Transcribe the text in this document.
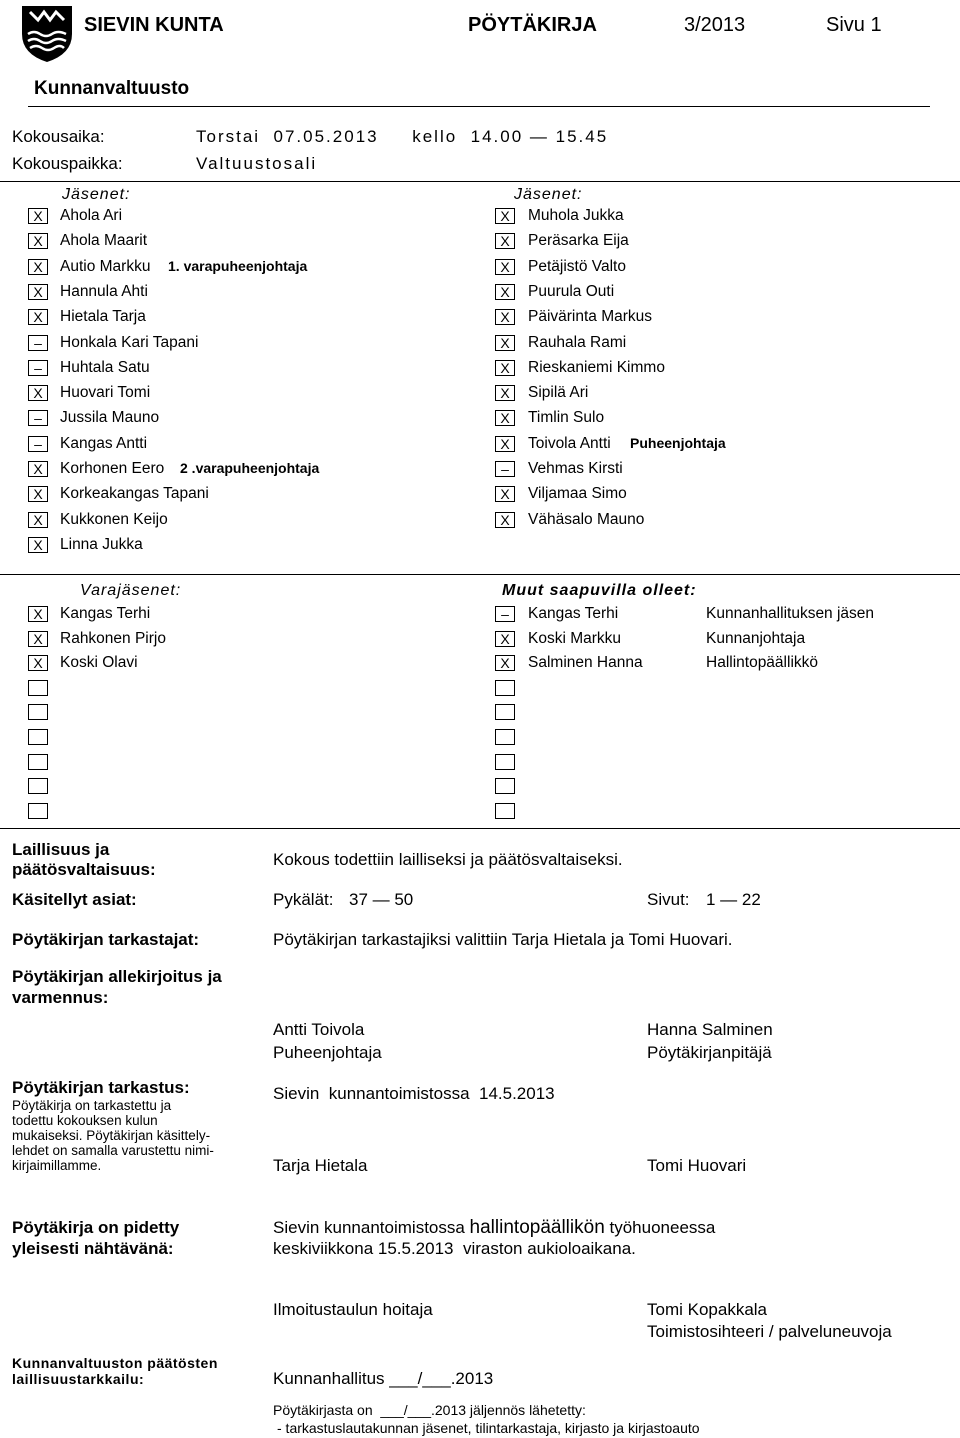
SIEVIN KUNTA	PÖYTÄKIRJA	3/2013	Sivu 1
Kunnanvaltuusto
Kokousaika:	Torstai  07.05.2013     kello  14.00 — 15.45
Kokouspaikka:	Valtuustosali
Jäsenet:	Jäsenet:
X	Ahola Ari
X	Ahola Maarit
X	Autio Markku 1. varapuheenjohtaja
X	Hannula Ahti
X	Hietala Tarja
–	Honkala Kari Tapani
–	Huhtala Satu
X	Huovari Tomi
–	Jussila Mauno
–	Kangas Antti
X	Korhonen Eero 2 .varapuheenjohtaja
X	Korkeakangas Tapani
X	Kukkonen Keijo
X	Linna Jukka
X	Muhola Jukka
X	Peräsarka Eija
X	Petäjistö Valto
X	Puurula Outi
X	Päivärinta Markus
X	Rauhala Rami
X	Rieskaniemi Kimmo
X	Sipilä Ari
X	Timlin Sulo
X	Toivola Antti Puheenjohtaja
–	Vehmas Kirsti
X	Viljamaa Simo
X	Vähäsalo Mauno
Varajäsenet:	Muut saapuvilla olleet:
X	Kangas Terhi
X	Rahkonen Pirjo
X	Koski Olavi
–	Kangas Terhi	Kunnanhallituksen jäsen
X	Koski Markku	Kunnanjohtaja
X	Salminen Hanna	Hallintopäällikkö
Laillisuus ja
päätösvaltaisuus:
Kokous todettiin lailliseksi ja päätösvaltaiseksi.
Käsitellyt asiat:	Pykälät: 37 — 50	Sivut: 1 — 22
Pöytäkirjan tarkastajat:	Pöytäkirjan tarkastajiksi valittiin Tarja Hietala ja Tomi Huovari.
Pöytäkirjan allekirjoitus ja
varmennus:
Antti Toivola
Puheenjohtaja
Hanna Salminen
Pöytäkirjanpitäjä
Pöytäkirjan tarkastus:
Pöytäkirja on tarkastettu ja
todettu kokouksen kulun
mukaiseksi. Pöytäkirjan käsittely-
lehdet on samalla varustettu nimi-
kirjaimillamme.
Sievin  kunnantoimistossa  14.5.2013
Tarja Hietala	Tomi Huovari
Pöytäkirja on pidetty
yleisesti nähtävänä:
Sievin kunnantoimistossa hallintopäällikön työhuoneessa
keskiviikkona 15.5.2013  viraston aukioloaikana.
Ilmoitustaulun hoitaja	Tomi Kopakkala
Toimistosihteeri / palveluneuvoja
Kunnanvaltuuston päätösten
laillisuustarkkailu:	Kunnanhallitus ___/___.2013
Pöytäkirjasta on  ___/___.2013 jäljennös lähetetty:
- tarkastuslautakunnan jäsenet, tilintarkastaja, kirjasto ja kirjastoauto
